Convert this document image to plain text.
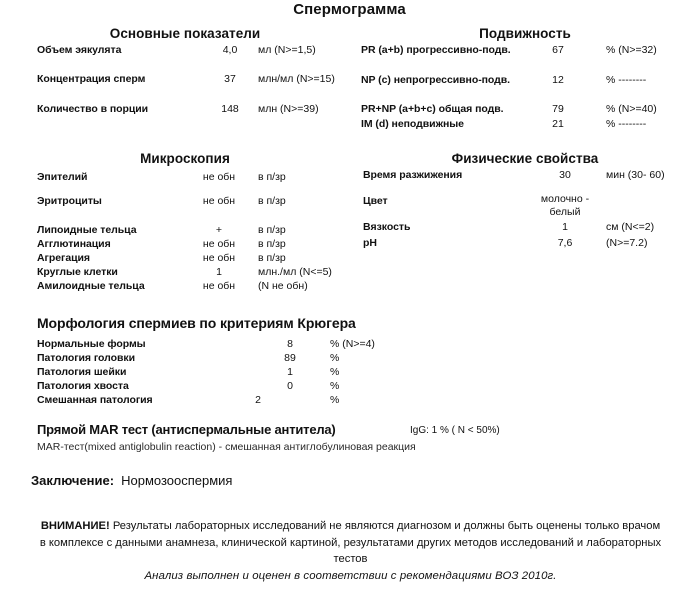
Спермограмма
Основные показатели	Подвижность
Микроскопия	Физические свойства
Объем эякулята	4,0	мл (N>=1,5)
Концентрация сперм	37	млн/мл (N>=15)
Количество в порции	148	млн (N>=39)
PR (a+b) прогрессивно-подв.	67	% (N>=32)
NP (c) непрогрессивно-подв.	12	% --------
PR+NP (a+b+c) общая подв.	79	% (N>=40)
IM (d) неподвижные	21	% --------
Эпителий	не обн	в п/зр
Эритроциты	не обн	в п/зр
Липоидные тельца	+	в п/зр
Агглютинация	не обн	в п/зр
Агрегация	не обн	в п/зр
Круглые клетки	1	млн./мл (N<=5)
Амилоидные тельца	не обн	(N не обн)
Время разжижения	30	мин (30- 60)
Цвет	молочно -
белый
Вязкость	1	см (N<=2)
pH	7,6	(N>=7.2)
Морфология спермиев по критериям Крюгера
Нормальные формы	8	% (N>=4)
Патология головки	89	%
Патология шейки	1	%
Патология хвоста	0	%
Смешанная патология	2	%
Прямой MAR тест (антиспермальные антитела)	IgG: 1 % ( N < 50%)
MAR-тест(mixed antiglobulin reaction) - смешанная антиглобулиновая реакция
Заключение: Нормозооспермия
ВНИМАНИЕ! Результаты лабораторных исследований не являются диагнозом и должны быть оценены только врачом в комплексе с данными анамнеза, клинической картиной, результатами других методов исследований и лабораторных тестов
Анализ выполнен и оценен в соответствии с рекомендациями ВОЗ 2010г.
